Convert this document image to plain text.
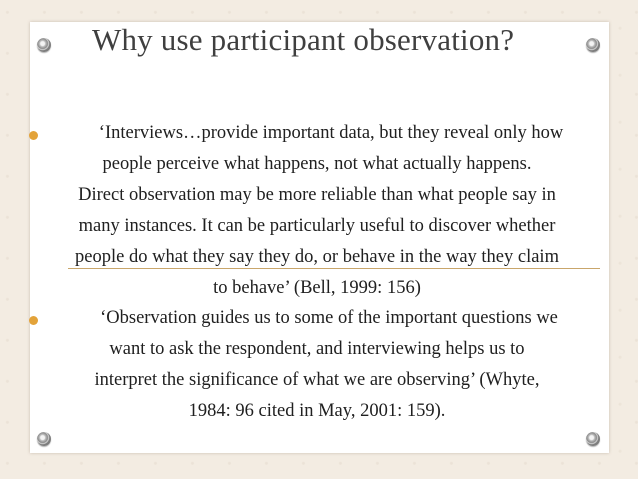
Why use participant observation?
‘Interviews…provide important data, but they reveal only how
people perceive what happens, not what actually happens.
Direct observation may be more reliable than what people say in
many instances. It can be particularly useful to discover whether
people do what they say they do, or behave in the way they claim
to behave’ (Bell, 1999: 156)
‘Observation guides us to some of the important questions we
want to ask the respondent, and interviewing helps us to
interpret the significance of what we are observing’ (Whyte,
1984: 96 cited in May, 2001: 159).
